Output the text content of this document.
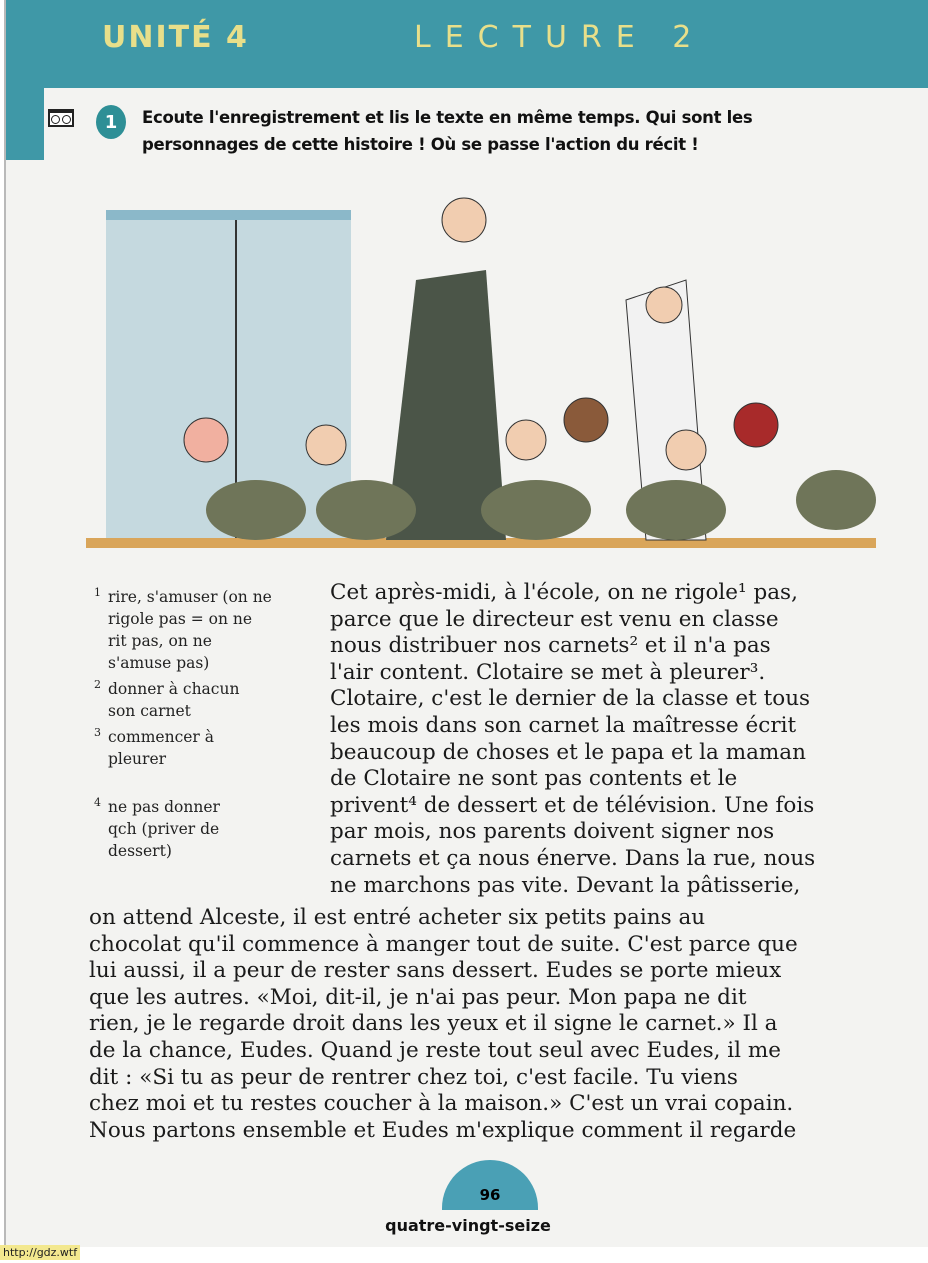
UNITÉ 4	LECTURE 2
1	Ecoute l'enregistrement et lis le texte en même temps. Qui sont les personnages de cette histoire ! Où se passe l'action du récit !
1 rire, s'amuser (on ne rigole pas = on ne rit pas, on ne s'amuse pas)
2 donner à chacun son carnet
3 commencer à pleurer
4 ne pas donner qch (priver de dessert)
Cet après-midi, à l'école, on ne rigole¹ pas,
parce que le directeur est venu en classe
nous distribuer nos carnets² et il n'a pas
l'air content. Clotaire se met à pleurer³.
Clotaire, c'est le dernier de la classe et tous
les mois dans son carnet la maîtresse écrit
beaucoup de choses et le papa et la maman
de Clotaire ne sont pas contents et le
privent⁴ de dessert et de télévision. Une fois
par mois, nos parents doivent signer nos
carnets et ça nous énerve. Dans la rue, nous
ne marchons pas vite. Devant la pâtisserie,
on attend Alceste, il est entré acheter six petits pains au
chocolat qu'il commence à manger tout de suite. C'est parce que
lui aussi, il a peur de rester sans dessert. Eudes se porte mieux
que les autres. «Moi, dit-il, je n'ai pas peur. Mon papa ne dit
rien, je le regarde droit dans les yeux et il signe le carnet.» Il a
de la chance, Eudes. Quand je reste tout seul avec Eudes, il me
dit : «Si tu as peur de rentrer chez toi, c'est facile. Tu viens
chez moi et tu restes coucher à la maison.» C'est un vrai copain.
Nous partons ensemble et Eudes m'explique comment il regarde
96
quatre-vingt-seize
http://gdz.wtf
